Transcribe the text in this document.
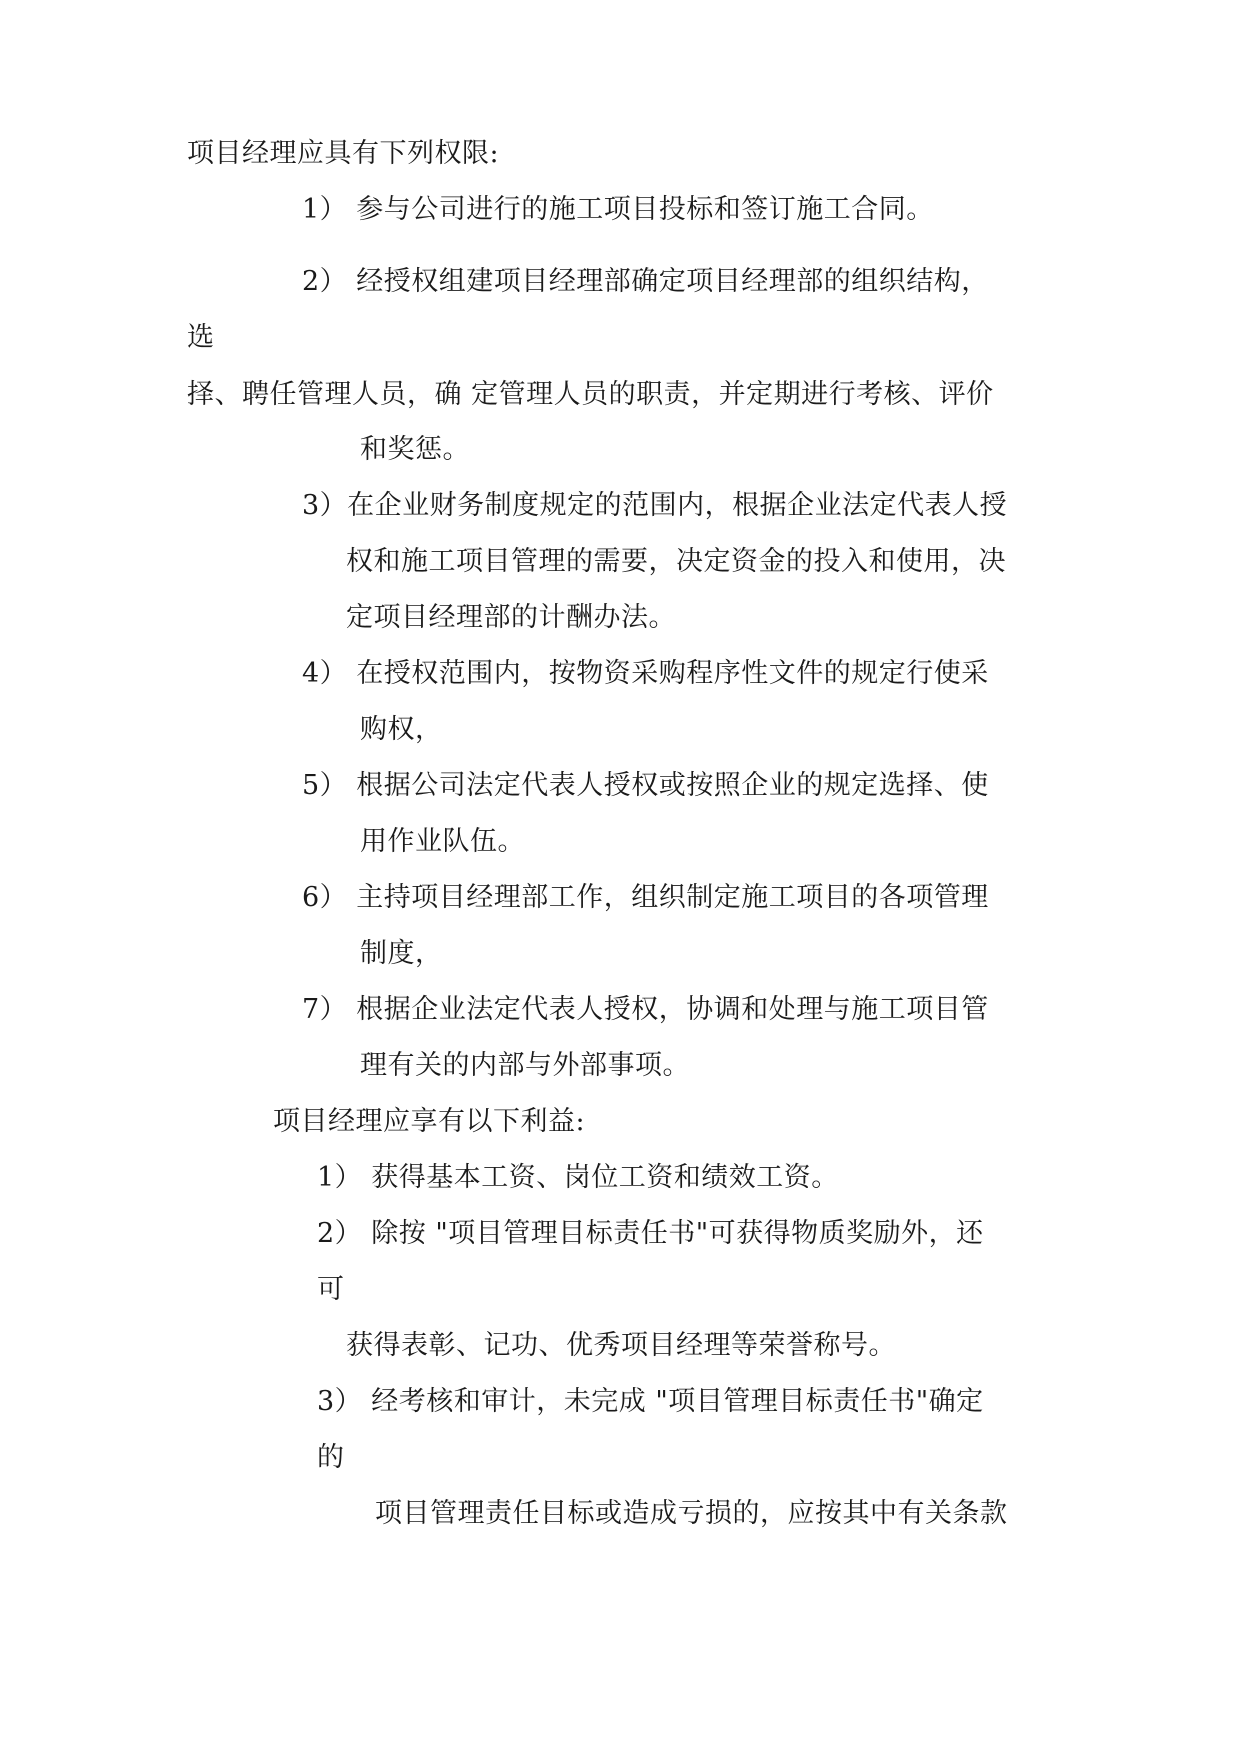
项目经理应具有下列权限:
1） 参与公司进行的施工项目投标和签订施工合同。
2） 经授权组建项目经理部确定项目经理部的组织结构，
选
择、聘任管理人员，确 定管理人员的职责，并定期进行考核、评价
和奖惩。
3）在企业财务制度规定的范围内，根据企业法定代表人授
权和施工项目管理的需要，决定资金的投入和使用，决
定项目经理部的计酬办法。
4） 在授权范围内，按物资采购程序性文件的规定行使采
购权，
5） 根据公司法定代表人授权或按照企业的规定选择、使
用作业队伍。
6） 主持项目经理部工作，组织制定施工项目的各项管理
制度，
7） 根据企业法定代表人授权，协调和处理与施工项目管
理有关的内部与外部事项。
项目经理应享有以下利益:
1） 获得基本工资、岗位工资和绩效工资。
2） 除按 "项目管理目标责任书"可获得物质奖励外，还
可
获得表彰、记功、优秀项目经理等荣誉称号。
3） 经考核和审计，未完成 "项目管理目标责任书"确定
的
项目管理责任目标或造成亏损的，应按其中有关条款
